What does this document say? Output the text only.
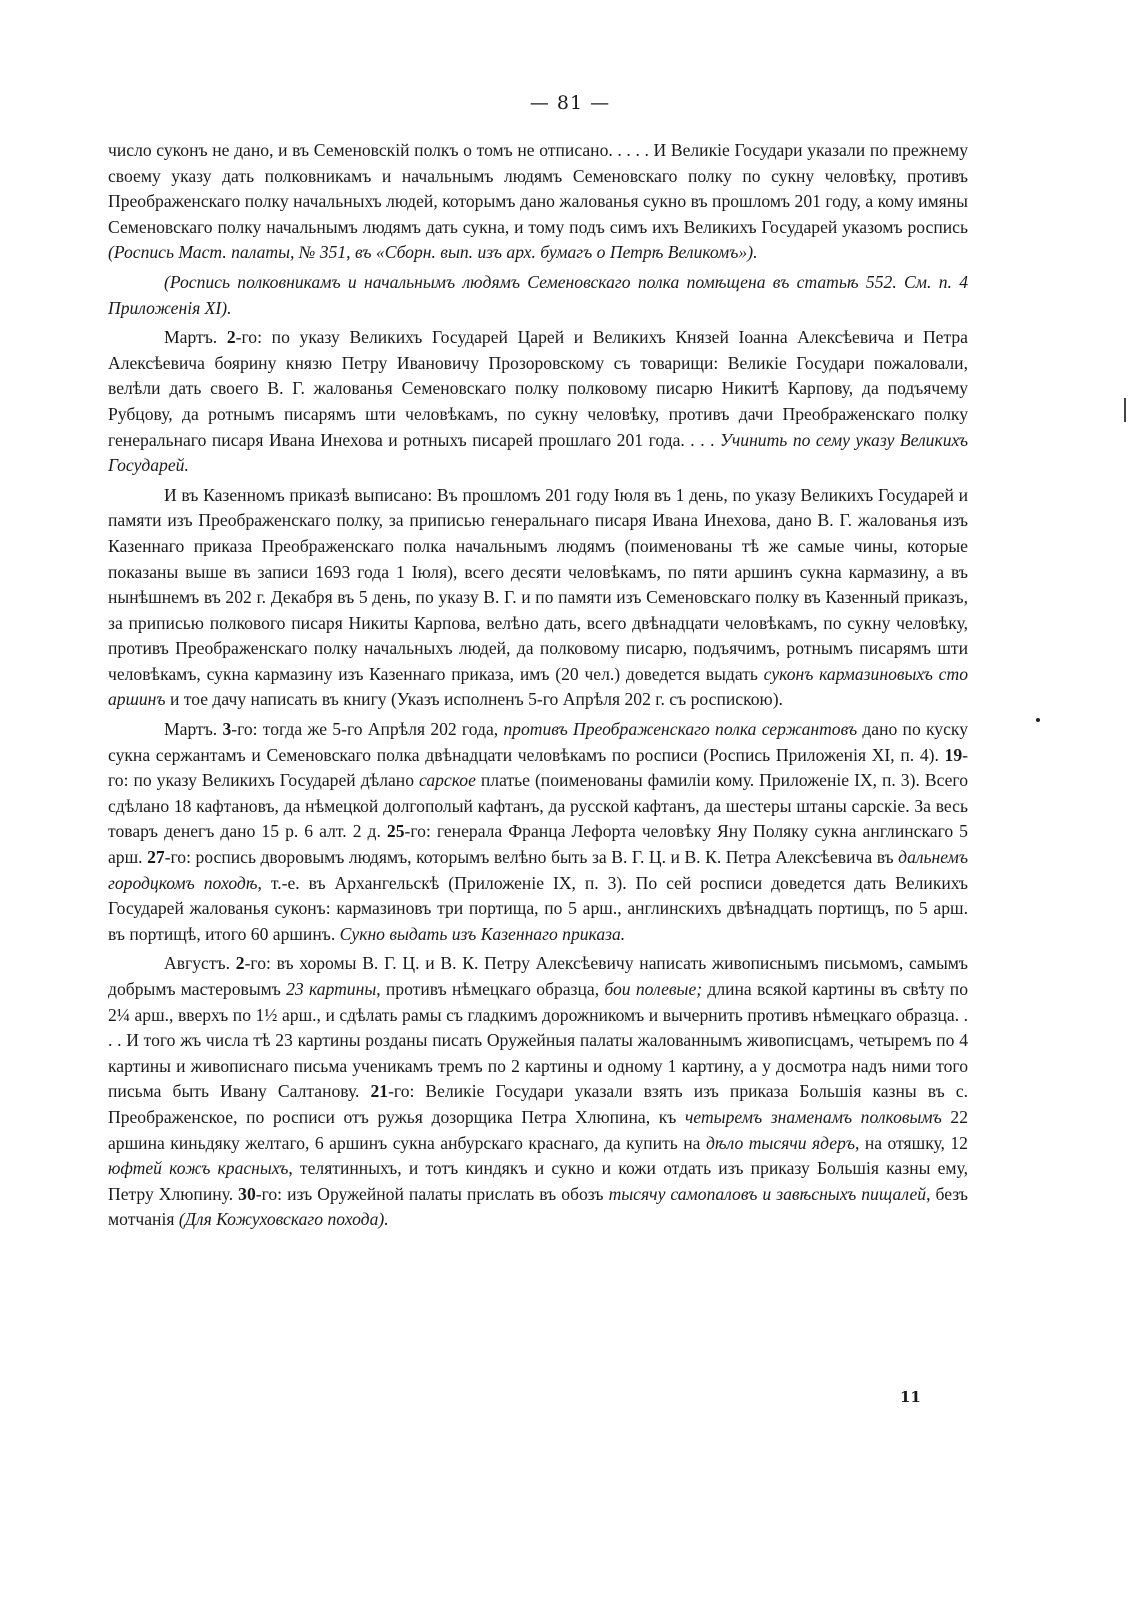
— 81 —

число суконъ не дано, и въ Семеновскій полкъ о томъ не отписано. . . . . И Великіе Государи указали по прежнему своему указу дать полковникамъ и начальнымъ людямъ Семеновскаго полку по сукну человѣку, противъ Преображенскаго полку начальныхъ людей, которымъ дано жалованья сукно въ прошломъ 201 году, а кому имяны Семеновскаго полку начальнымъ людямъ дать сукна, и тому подъ симъ ихъ Великихъ Государей указомъ роспись (Роспись Маст. палаты, № 351, въ «Сборн. вып. изъ арх. бумагъ о Петрѣ Великомъ»).

(Роспись полковникамъ и начальнымъ людямъ Семеновскаго полка помѣщена въ статьѣ 552. См. п. 4 Приложенія XI).

Мартъ. 2-го: по указу Великихъ Государей Царей и Великихъ Князей Іоанна Алексѣевича и Петра Алексѣевича боярину князю Петру Ивановичу Прозоровскому съ товарищи: Великіе Государи пожаловали, велѣли дать своего В. Г. жалованья Семеновскаго полку полковому писарю Никитѣ Карпову, да подъячему Рубцову, да ротнымъ писарямъ шти человѣкамъ, по сукну человѣку, противъ дачи Преображенскаго полку генеральнаго писаря Ивана Инехова и ротныхъ писарей прошлаго 201 года. . . . Учинить по сему указу Великихъ Государей.

И въ Казенномъ приказѣ выписано: Въ прошломъ 201 году Іюля въ 1 день, по указу Великихъ Государей и памяти изъ Преображенскаго полку, за приписью генеральнаго писаря Ивана Инехова, дано В. Г. жалованья изъ Казеннаго приказа Преображенскаго полка начальнымъ людямъ (поименованы тѣ же самые чины, которые показаны выше въ записи 1693 года 1 Іюля), всего десяти человѣкамъ, по пяти аршинъ сукна кармазину, а въ нынѣшнемъ въ 202 г. Декабря въ 5 день, по указу В. Г. и по памяти изъ Семеновскаго полку въ Казенный приказъ, за приписью полкового писаря Никиты Карпова, велѣно дать, всего двѣнадцати человѣкамъ, по сукну человѣку, противъ Преображенскаго полку начальныхъ людей, да полковому писарю, подъячимъ, ротнымъ писарямъ шти человѣкамъ, сукна кармазину изъ Казеннаго приказа, имъ (20 чел.) доведется выдать суконъ кармазиновыхъ сто аршинъ и тое дачу написать въ книгу (Указъ исполненъ 5-го Апрѣля 202 г. съ роспискою).

Мартъ. 3-го: тогда же 5-го Апрѣля 202 года, противъ Преображенскаго полка сержантовъ дано по куску сукна сержантамъ и Семеновскаго полка двѣнадцати человѣкамъ по росписи (Роспись Приложенія XI, п. 4). 19-го: по указу Великихъ Государей дѣлано сарское платье (поименованы фамиліи кому. Приложеніе IX, п. 3). Всего сдѣлано 18 кафтановъ, да нѣмецкой долгополый кафтанъ, да русской кафтанъ, да шестеры штаны сарскіе. За весь товаръ денегъ дано 15 р. 6 алт. 2 д. 25-го: генерала Франца Лефорта человѣку Яну Поляку сукна англинскаго 5 арш. 27-го: роспись дворовымъ людямъ, которымъ велѣно быть за В. Г. Ц. и В. К. Петра Алексѣевича въ дальнемъ городцкомъ походѣ, т.-е. въ Архангельскѣ (Приложеніе IX, п. 3). По сей росписи доведется дать Великихъ Государей жалованья суконъ: кармазиновъ три портища, по 5 арш., англинскихъ двѣнадцать портищъ, по 5 арш. въ портищѣ, итого 60 аршинъ. Сукно выдать изъ Казеннаго приказа.

Августъ. 2-го: въ хоромы В. Г. Ц. и В. К. Петру Алексѣевичу написать живописнымъ письмомъ, самымъ добрымъ мастеровымъ 23 картины, противъ нѣмецкаго образца, бои полевые; длина всякой картины въ свѣту по 2¼ арш., вверхъ по 1½ арш., и сдѣлать рамы съ гладкимъ дорожникомъ и вычернить противъ нѣмецкаго образца. . . . И того жъ числа тѣ 23 картины розданы писать Оружейныя палаты жалованнымъ живописцамъ, четыремъ по 4 картины и живописнаго письма ученикамъ тремъ по 2 картины и одному 1 картину, а у досмотра надъ ними того письма быть Ивану Салтанову. 21-го: Великіе Государи указали взять изъ приказа Большія казны въ с. Преображенское, по росписи отъ ружья дозорщика Петра Хлюпина, къ четыремъ знаменамъ полковымъ 22 аршина киньдяку желтаго, 6 аршинъ сукна анбурскаго краснаго, да купить на дѣло тысячи ядеръ, на отяшку, 12 юфтей кожъ красныхъ, телятинныхъ, и тотъ киндякъ и сукно и кожи отдать изъ приказу Большія казны ему, Петру Хлюпину. 30-го: изъ Оружейной палаты прислать въ обозъ тысячу самопаловъ и завѣсныхъ пищалей, безъ мотчанія (Для Кожуховскаго похода).

11
